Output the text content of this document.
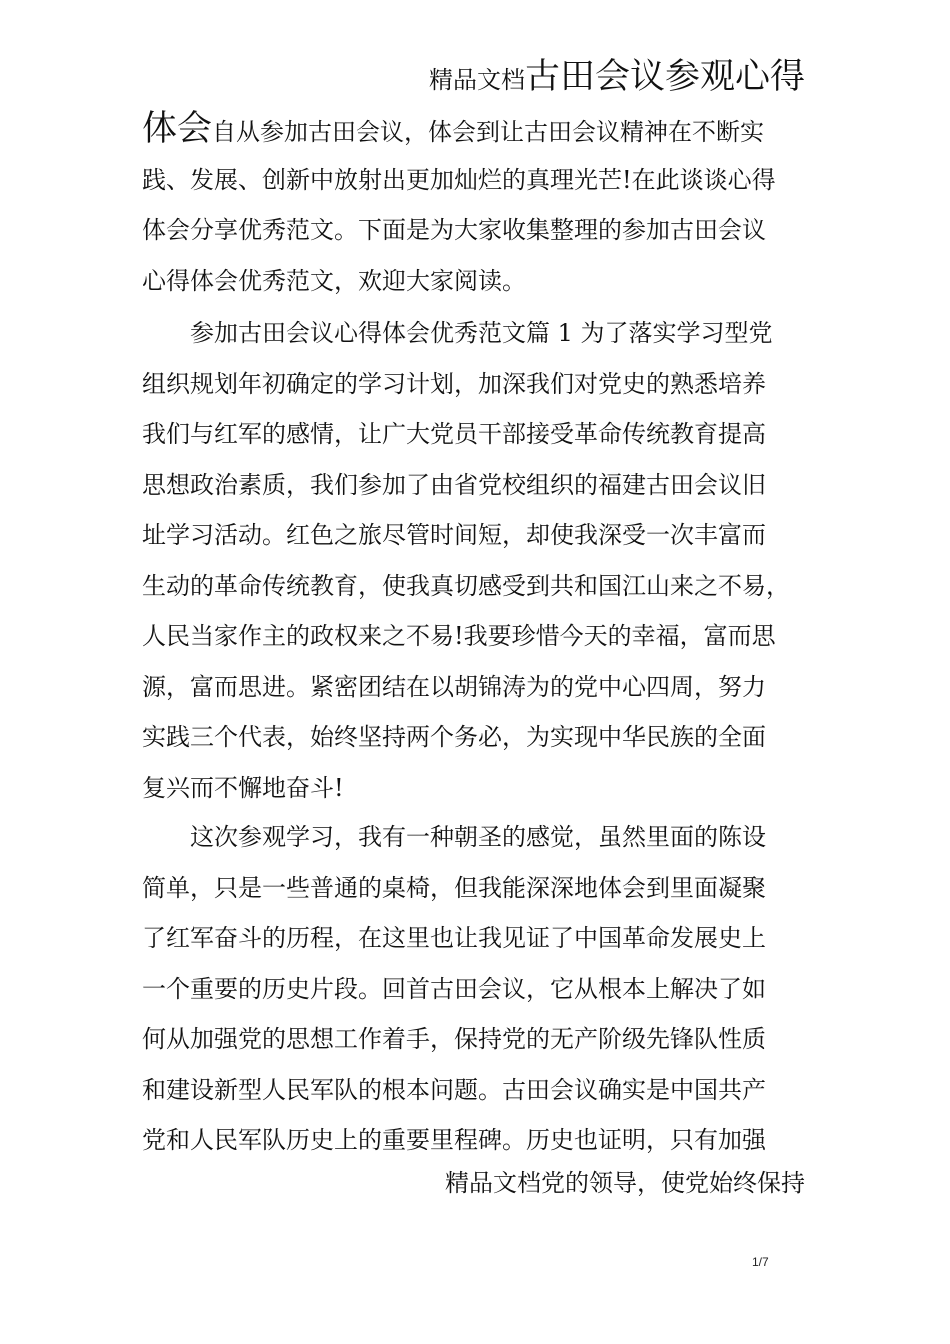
精品文档古田会议参观心得
体会自从参加古田会议，体会到让古田会议精神在不断实
践、发展、创新中放射出更加灿烂的真理光芒!在此谈谈心得
体会分享优秀范文。下面是为大家收集整理的参加古田会议
心得体会优秀范文，欢迎大家阅读。
参加古田会议心得体会优秀范文篇 1 为了落实学习型党
组织规划年初确定的学习计划，加深我们对党史的熟悉培养
我们与红军的感情，让广大党员干部接受革命传统教育提高
思想政治素质，我们参加了由省党校组织的福建古田会议旧
址学习活动。红色之旅尽管时间短，却使我深受一次丰富而
生动的革命传统教育，使我真切感受到共和国江山来之不易，
人民当家作主的政权来之不易!我要珍惜今天的幸福，富而思
源，富而思进。紧密团结在以胡锦涛为的党中心四周，努力
实践三个代表，始终坚持两个务必，为实现中华民族的全面
复兴而不懈地奋斗!
这次参观学习，我有一种朝圣的感觉，虽然里面的陈设
简单，只是一些普通的桌椅，但我能深深地体会到里面凝聚
了红军奋斗的历程，在这里也让我见证了中国革命发展史上
一个重要的历史片段。回首古田会议，它从根本上解决了如
何从加强党的思想工作着手，保持党的无产阶级先锋队性质
和建设新型人民军队的根本问题。古田会议确实是中国共产
党和人民军队历史上的重要里程碑。历史也证明，只有加强
精品文档党的领导，使党始终保持
1/7
